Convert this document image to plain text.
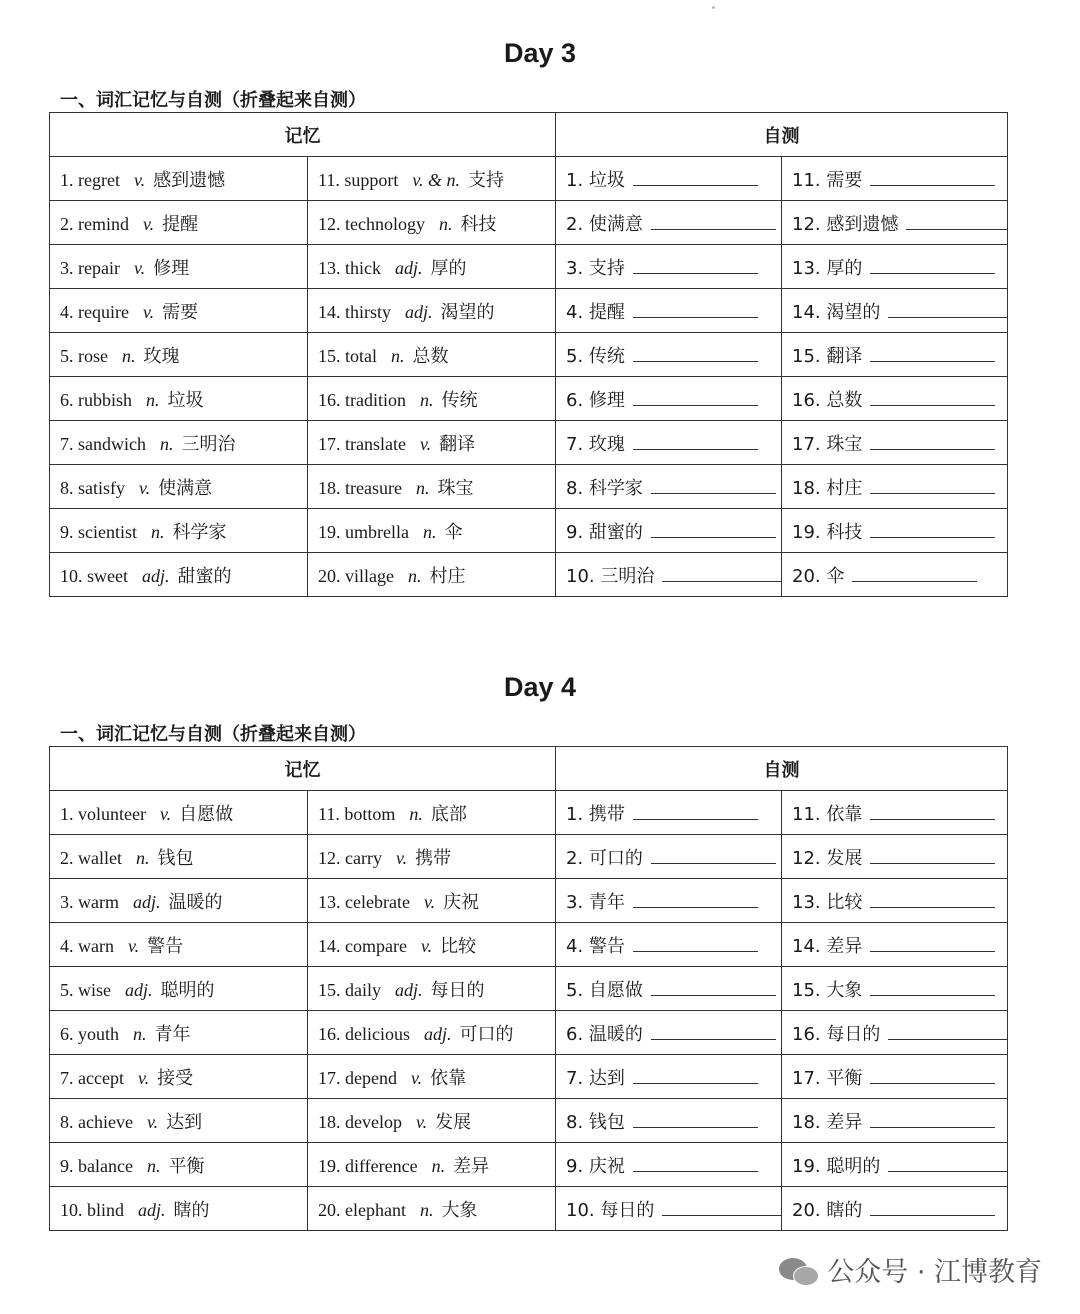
Day 3
一、词汇记忆与自测（折叠起来自测）
记忆		自测	
1. regret v. 感到遗憾	11. support v. & n. 支持	1. 垃圾	11. 需要
2. remind v. 提醒	12. technology n. 科技	2. 使满意	12. 感到遗憾
3. repair v. 修理	13. thick adj. 厚的	3. 支持	13. 厚的
4. require v. 需要	14. thirsty adj. 渴望的	4. 提醒	14. 渴望的
5. rose n. 玫瑰	15. total n. 总数	5. 传统	15. 翻译
6. rubbish n. 垃圾	16. tradition n. 传统	6. 修理	16. 总数
7. sandwich n. 三明治	17. translate v. 翻译	7. 玫瑰	17. 珠宝
8. satisfy v. 使满意	18. treasure n. 珠宝	8. 科学家	18. 村庄
9. scientist n. 科学家	19. umbrella n. 伞	9. 甜蜜的	19. 科技
10. sweet adj. 甜蜜的	20. village n. 村庄	10. 三明治	20. 伞
Day 4
一、词汇记忆与自测（折叠起来自测）
记忆		自测	
1. volunteer v. 自愿做	11. bottom n. 底部	1. 携带	11. 依靠
2. wallet n. 钱包	12. carry v. 携带	2. 可口的	12. 发展
3. warm adj. 温暖的	13. celebrate v. 庆祝	3. 青年	13. 比较
4. warn v. 警告	14. compare v. 比较	4. 警告	14. 差异
5. wise adj. 聪明的	15. daily adj. 每日的	5. 自愿做	15. 大象
6. youth n. 青年	16. delicious adj. 可口的	6. 温暖的	16. 每日的
7. accept v. 接受	17. depend v. 依靠	7. 达到	17. 平衡
8. achieve v. 达到	18. develop v. 发展	8. 钱包	18. 差异
9. balance n. 平衡	19. difference n. 差异	9. 庆祝	19. 聪明的
10. blind adj. 瞎的	20. elephant n. 大象	10. 每日的	20. 瞎的
公众号 · 江博教育
